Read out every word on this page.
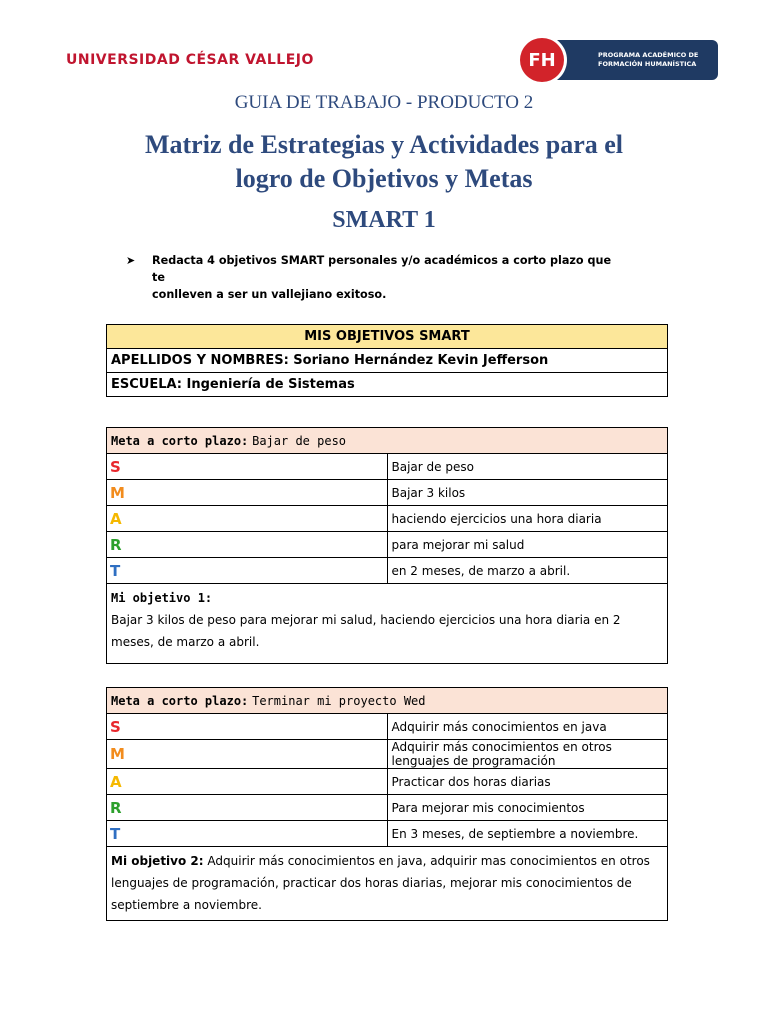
UNIVERSIDAD CÉSAR VALLEJO	PROGRAMA ACADÉMICO DE
FORMACIÓN HUMANÍSTICA
FH
GUIA DE TRABAJO - PRODUCTO 2
Matriz de Estrategias y Actividades para el
logro de Objetivos y Metas
SMART 1
➤	Redacta 4 objetivos SMART personales y/o académicos a corto plazo que te
conlleven a ser un vallejiano exitoso.
MIS OBJETIVOS SMART
APELLIDOS Y NOMBRES: Soriano Hernández Kevin Jefferson
ESCUELA: Ingeniería de Sistemas
Meta a corto plazo: Bajar de peso	
S	Bajar de peso
M	Bajar 3 kilos
A	haciendo ejercicios una hora diaria
R	para mejorar mi salud
T	en 2 meses, de marzo a abril.

Mi objetivo 1:
Bajar 3 kilos de peso para mejorar mi salud, haciendo ejercicios una hora diaria en 2 meses, de marzo a abril.	
Meta a corto plazo: Terminar mi proyecto Wed	
S	Adquirir más conocimientos en java
M	Adquirir más conocimientos en otros lenguajes de programación
A	Practicar dos horas diarias
R	Para mejorar mis conocimientos
T	En 3 meses, de septiembre a noviembre.
Mi objetivo 2: Adquirir más conocimientos en java, adquirir mas conocimientos en otros lenguajes de programación, practicar dos horas diarias, mejorar mis conocimientos de septiembre a noviembre.	
